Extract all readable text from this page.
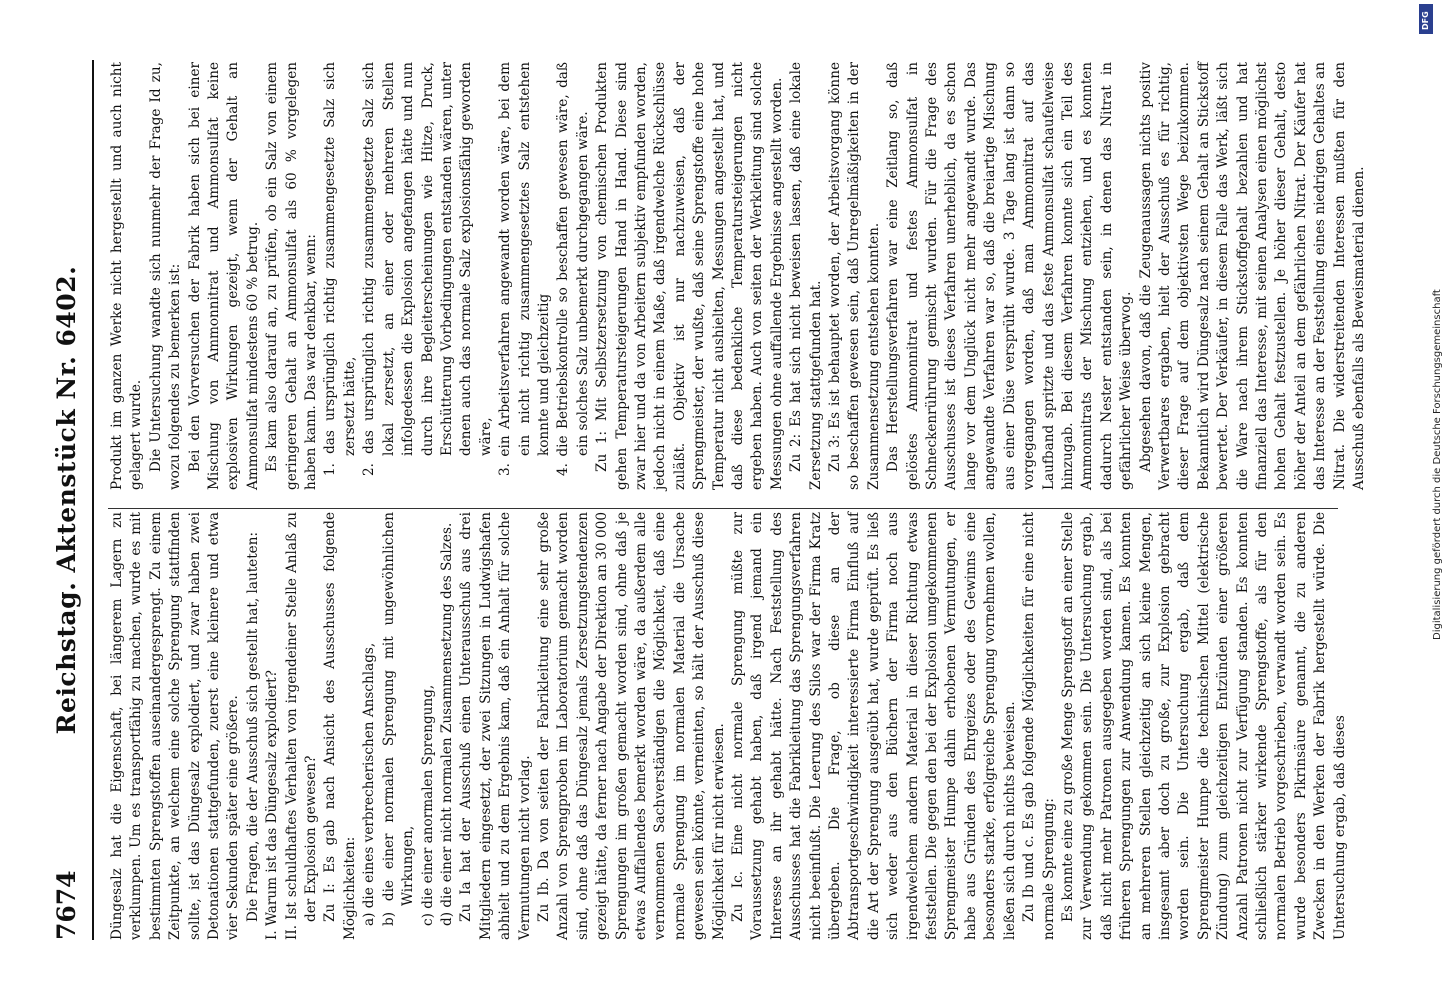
7674
Reichstag. Aktenstück Nr. 6402. Düngesalz hat die Eigenschaft, bei längerem Lagern zu verklumpen. Um es transportfähig zu machen, wurde es mit bestimmten Sprengstoffen auseinandergesprengt. Zu einem Zeitpunkte, an welchem eine solche Sprengung stattfinden sollte, ist das Düngesalz explodiert, und zwar haben zwei Detonationen stattgefunden, zuerst eine kleinere und etwa vier Sekunden später eine größere. Die Fragen, die der Ausschuß sich gestellt hat, lauteten: I. Warum ist das Düngesalz explodiert? II. Ist schuldhaftes Verhalten von irgendeiner Stelle Anlaß zu der Explosion gewesen? Zu I: Es gab nach Ansicht des Ausschusses folgende Möglichkeiten: a) die eines verbrecherischen Anschlags, b) die einer normalen Sprengung mit ungewöhnlichen Wirkungen, c) die einer anormalen Sprengung, d) die einer nicht normalen Zusammensetzung des Salzes. Zu Ia hat der Ausschuß einen Unterausschuß aus drei Mitgliedern eingesetzt, der zwei Sitzungen in Ludwigshafen abhielt und zu dem Ergebnis kam, daß ein Anhalt für solche Vermutungen nicht vorlag. Zu Ib. Da von seiten der Fabrikleitung eine sehr große Anzahl von Sprengproben im Laboratorium gemacht worden sind, ohne daß das Düngesalz jemals Zersetzungstendenzen gezeigt hätte, da ferner nach Angabe der Direktion an 30 000 Sprengungen im großen gemacht worden sind, ohne daß je etwas Auffallendes bemerkt worden wäre, da außerdem alle vernommenen Sachverständigen die Möglichkeit, daß eine normale Sprengung im normalen Material die Ursache gewesen sein könnte, verneinten, so hält der Ausschuß diese Möglichkeit für nicht erwiesen. Zu Ic. Eine nicht normale Sprengung müßte zur Voraussetzung gehabt haben, daß irgend jemand ein Interesse an ihr gehabt hätte. Nach Feststellung des Ausschusses hat die Fabrikleitung das Sprengungsverfahren nicht beeinflußt. Die Leerung des Silos war der Firma Kratz übergeben. Die Frage, ob diese an der Abtransportgeschwindigkeit interessierte Firma Einfluß auf die Art der Sprengung ausgeübt hat, wurde geprüft. Es ließ sich weder aus den Büchern der Firma noch aus irgendwelchem andern Material in dieser Richtung etwas feststellen. Die gegen den bei der Explosion umgekommenen Sprengmeister Humpe dahin erhobenen Vermutungen, er habe aus Gründen des Ehrgeizes oder des Gewinns eine besonders starke, erfolgreiche Sprengung vornehmen wollen, ließen sich durch nichts beweisen. Zu Ib und c. Es gab folgende Möglichkeiten für eine nicht normale Sprengung: Es konnte eine zu große Menge Sprengstoff an einer Stelle zur Verwendung gekommen sein. Die Untersuchung ergab, daß nicht mehr Patronen ausgegeben worden sind, als bei früheren Sprengungen zur Anwendung kamen. Es konnten an mehreren Stellen gleichzeitig an sich kleine Mengen, insgesamt aber doch zu große, zur Explosion gebracht worden sein. Die Untersuchung ergab, daß dem Sprengmeister Humpe die technischen Mittel (elektrische Zündung) zum gleichzeitigen Entzünden einer größeren Anzahl Patronen nicht zur Verfügung standen. Es konnten schließlich stärker wirkende Sprengstoffe, als für den normalen Betrieb vorgeschrieben, verwandt worden sein. Es wurde besonders Pikrinsäure genannt, die zu anderen Zwecken in den Werken der Fabrik hergestellt würde. Die Untersuchung ergab, daß dieses

Produkt im ganzen Werke nicht hergestellt und auch nicht gelagert wurde. Die Untersuchung wandte sich nunmehr der Frage Id zu, wozu folgendes zu bemerken ist: Bei den Vorversuchen der Fabrik haben sich bei einer Mischung von Ammonnitrat und Ammonsulfat keine explosiven Wirkungen gezeigt, wenn der Gehalt an Ammonsulfat mindestens 60 % betrug. Es kam also darauf an, zu prüfen, ob ein Salz von einem geringeren Gehalt an Ammonsulfat als 60 % vorgelegen haben kann. Das war denkbar, wenn: 1. das ursprünglich richtig zusammengesetzte Salz sich zersetzt hätte, 2. das ursprünglich richtig zusammengesetzte Salz sich lokal zersetzt, an einer oder mehreren Stellen infolgedessen die Explosion angefangen hätte und nun durch ihre Begleiterscheinungen wie Hitze, Druck, Erschütterung Vorbedingungen entstanden wären, unter denen auch das normale Salz explosionsfähig geworden wäre, 3. ein Arbeitsverfahren angewandt worden wäre, bei dem ein nicht richtig zusammengesetztes Salz entstehen konnte und gleichzeitig 4. die Betriebskontrolle so beschaffen gewesen wäre, daß ein solches Salz unbemerkt durchgegangen wäre. Zu 1: Mit Selbstzersetzung von chemischen Produkten gehen Temperatursteigerungen Hand in Hand. Diese sind zwar hier und da von Arbeitern subjektiv empfunden worden, jedoch nicht in einem Maße, daß irgendwelche Rückschlüsse zuläßt. Objektiv ist nur nachzuweisen, daß der Sprengmeister, der wußte, daß seine Sprengstoffe eine hohe Temperatur nicht aushielten, Messungen angestellt hat, und daß diese bedenkliche Temperatursteigerungen nicht ergeben haben. Auch von seiten der Werkleitung sind solche Messungen ohne auffallende Ergebnisse angestellt worden. Zu 2: Es hat sich nicht beweisen lassen, daß eine lokale Zersetzung stattgefunden hat. Zu 3: Es ist behauptet worden, der Arbeitsvorgang könne so beschaffen gewesen sein, daß Unregelmäßigkeiten in der Zusammensetzung entstehen konnten. Das Herstellungsverfahren war eine Zeitlang so, daß gelöstes Ammonnitrat und festes Ammonsulfat in Schneckenrührung gemischt wurden. Für die Frage des Ausschusses ist dieses Verfahren unerheblich, da es schon lange vor dem Unglück nicht mehr angewandt wurde. Das angewandte Verfahren war so, daß die breiartige Mischung aus einer Düse versprüht wurde. 3 Tage lang ist dann so vorgegangen worden, daß man Ammonnitrat auf das Laufband spritzte und das feste Ammonsulfat schaufelweise hinzugab. Bei diesem Verfahren konnte sich ein Teil des Ammonnitrats der Mischung entziehen, und es konnten dadurch Nester entstanden sein, in denen das Nitrat in gefährlicher Weise überwog. Abgesehen davon, daß die Zeugenaussagen nichts positiv Verwertbares ergaben, hielt der Ausschuß es für richtig, dieser Frage auf dem objektivsten Wege beizukommen. Bekanntlich wird Düngesalz nach seinem Gehalt an Stickstoff bewertet. Der Verkäufer, in diesem Falle das Werk, läßt sich die Ware nach ihrem Stickstoffgehalt bezahlen und hat finanziell das Interesse, mit seinen Analysen einen möglichst hohen Gehalt festzustellen. Je höher dieser Gehalt, desto höher der Anteil an dem gefährlichen Nitrat. Der Käufer hat das Interesse an der Feststellung eines niedrigen Gehaltes an Nitrat. Die widerstreitenden Interessen mußten für den Ausschuß ebenfalls als Beweismaterial dienen.

DFG
Digitalisierung gefördert durch die Deutsche Forschungsgemeinschaft
